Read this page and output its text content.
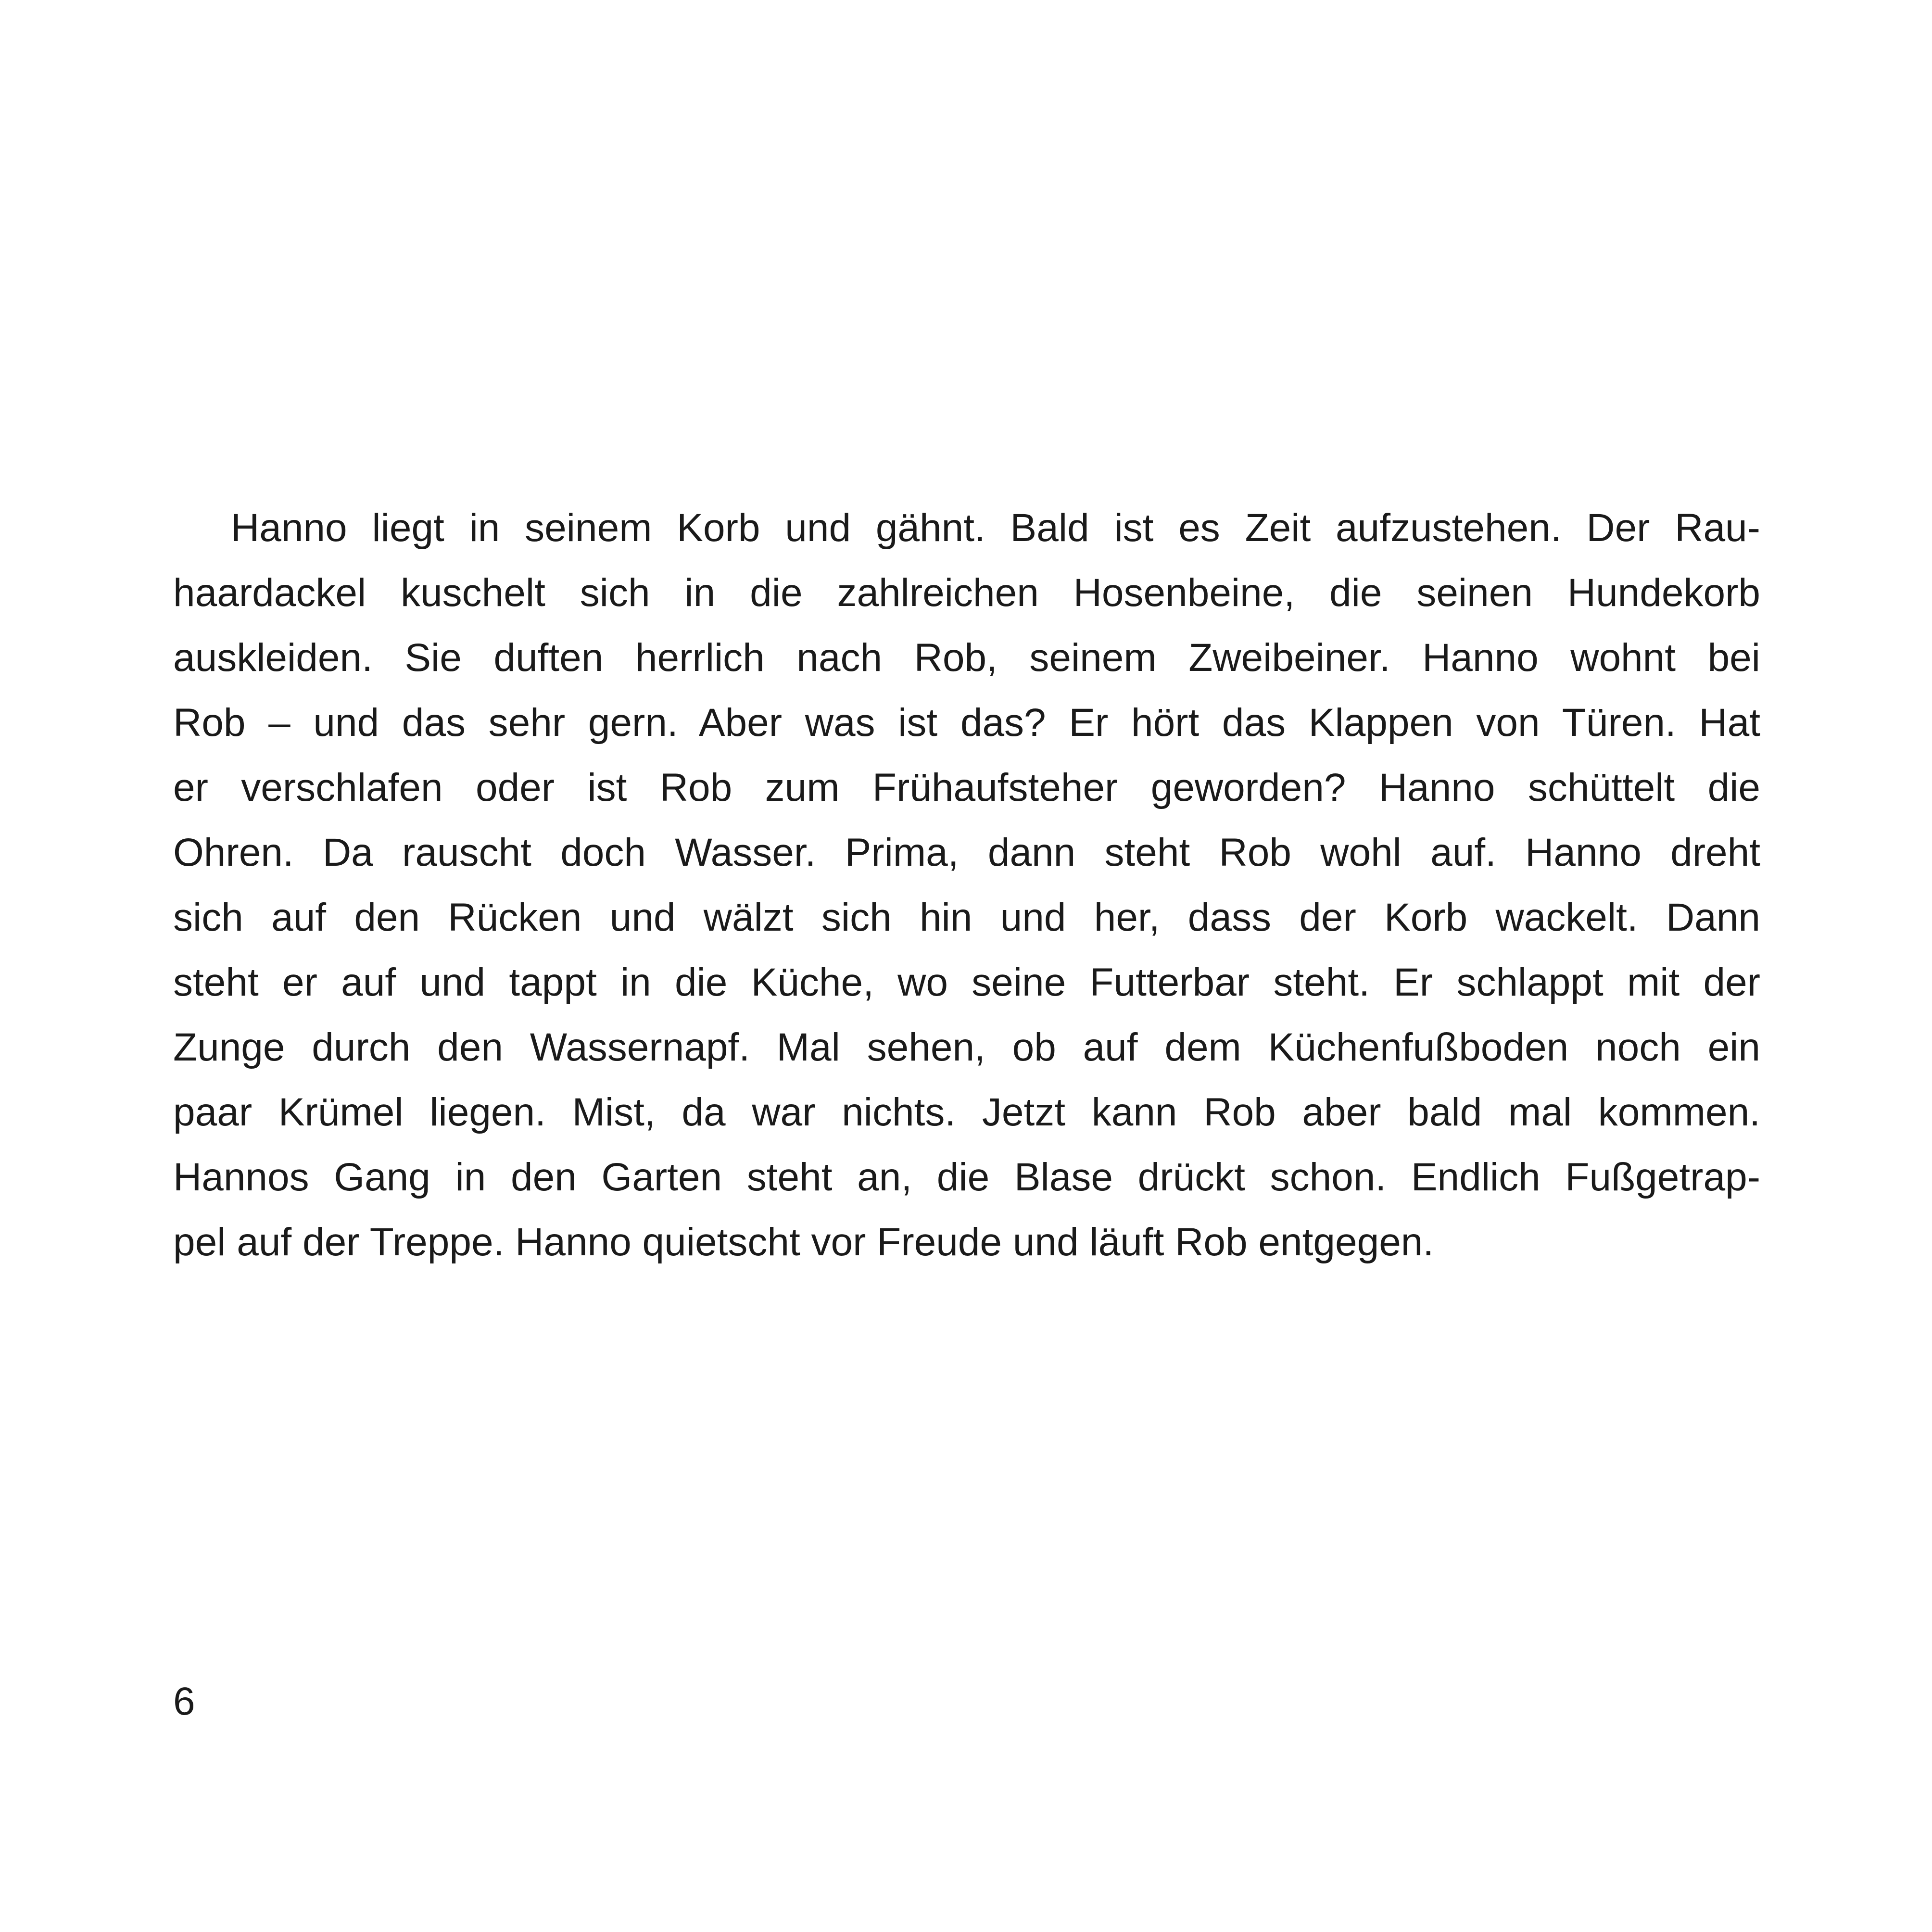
Hanno liegt in seinem Korb und gähnt. Bald ist es Zeit aufzustehen. Der Rau-
haardackel kuschelt sich in die zahlreichen Hosenbeine, die seinen Hundekorb
auskleiden. Sie duften herrlich nach Rob, seinem Zweibeiner. Hanno wohnt bei
Rob – und das sehr gern. Aber was ist das? Er hört das Klappen von Türen. Hat
er verschlafen oder ist Rob zum Frühaufsteher geworden? Hanno schüttelt die
Ohren. Da rauscht doch Wasser. Prima, dann steht Rob wohl auf. Hanno dreht
sich auf den Rücken und wälzt sich hin und her, dass der Korb wackelt. Dann
steht er auf und tappt in die Küche, wo seine Futterbar steht. Er schlappt mit der
Zunge durch den Wassernapf. Mal sehen, ob auf dem Küchenfußboden noch ein
paar Krümel liegen. Mist, da war nichts. Jetzt kann Rob aber bald mal kommen.
Hannos Gang in den Garten steht an, die Blase drückt schon. Endlich Fußgetrap-
pel auf der Treppe. Hanno quietscht vor Freude und läuft Rob entgegen.
6
